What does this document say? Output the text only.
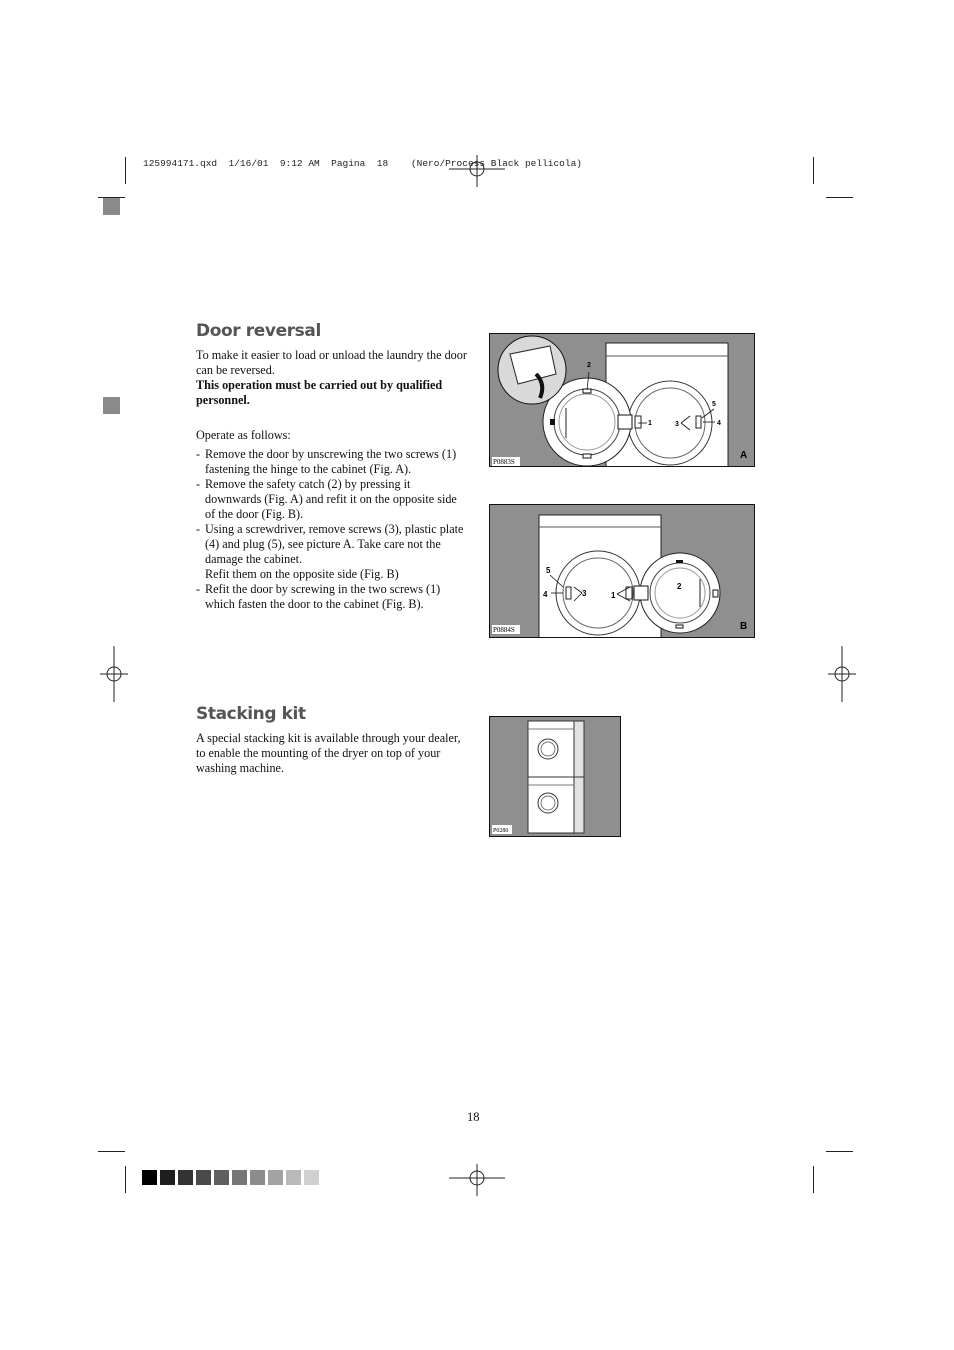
125994171.qxd  1/16/01  9:12 AM  Pagina  18    (Nero/Process Black pellicola)
Door reversal

To make it easier to load or unload the laundry the door can be reversed.

This operation must be carried out by qualified personnel.

Operate as follows:

- Remove the door by unscrewing the two screws (1) fastening the hinge to the cabinet (Fig. A).
- Remove the safety catch (2) by pressing it downwards (Fig. A) and refit it on the opposite side of the door (Fig. B).
- Using a screwdriver, remove screws (3), plastic plate (4) and plug (5), see picture A. Take care not the damage the cabinet.
Refit them on the opposite side (Fig. B)
- Refit the door by screwing in the two screws (1) which fasten the door to the cabinet (Fig. B).
2
1	3
5
4
P0883S
A
5
4	3	1
2
P0884S	B
Stacking kit
A special stacking kit is available through your dealer, to enable the mounting of the dryer on top of your washing machine.
P0280
18
